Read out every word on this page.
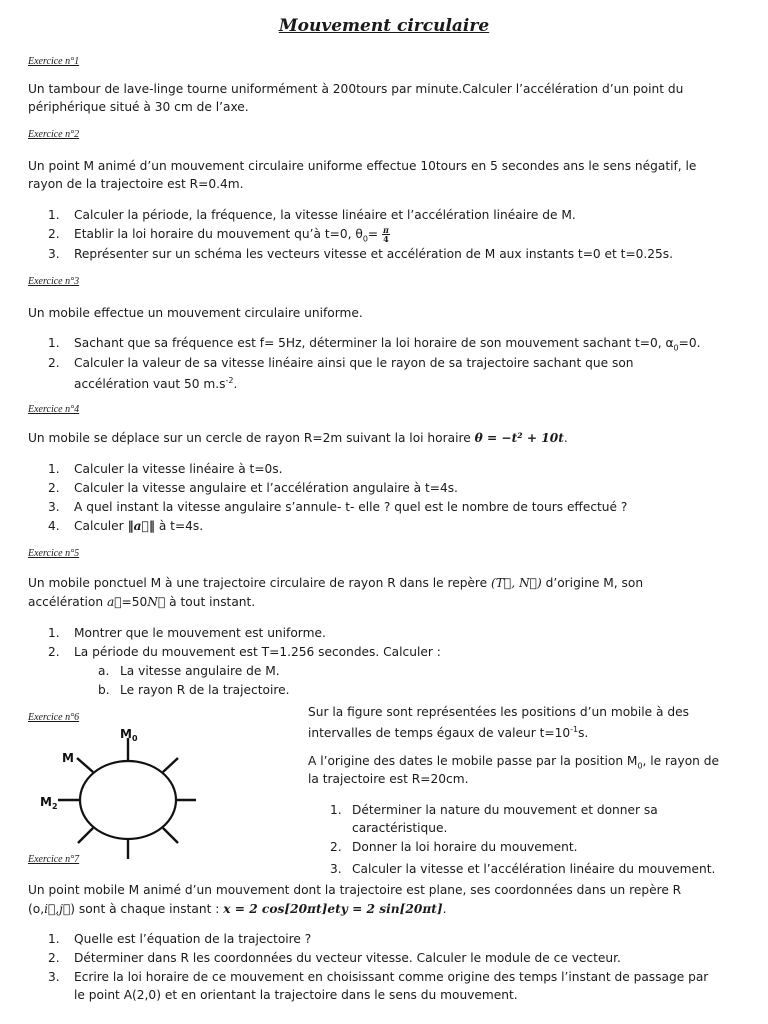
Mouvement circulaire
Exercice n°1
Un tambour de lave-linge tourne uniformément à 200tours par minute.Calculer l’accélération d’un point du
périphérique situé à 30 cm de l’axe.
Exercice n°2
Un point M animé d’un mouvement circulaire uniforme effectue 10tours en 5 secondes ans le sens négatif, le
rayon de la trajectoire est R=0.4m.
1. Calculer la période, la fréquence, la vitesse linéaire et l’accélération linéaire de M.
2. Etablir la loi horaire du mouvement qu’à t=0, $\theta_0= \frac{\pi}{4}$
3. Représenter sur un schéma les vecteurs vitesse et accélération de M aux instants t=0 et t=0.25s.
Exercice n°3
Un mobile effectue un mouvement circulaire uniforme.
1. Sachant que sa fréquence est f= 5Hz, déterminer la loi horaire de son mouvement sachant t=0, $\alpha_0=0$.
2. Calculer la valeur de sa vitesse linéaire ainsi que le rayon de sa trajectoire sachant que son
accélération vaut 50 $m.s^{-2}$.
Exercice n°4
Un mobile se déplace sur un cercle de rayon R=2m suivant la loi horaire θ = −t² + 10t.
1. Calculer la vitesse linéaire à t=0s.
2. Calculer la vitesse angulaire et l’accélération angulaire à t=4s.
3. A quel instant la vitesse angulaire s’annule- t- elle ? quel est le nombre de tours effectué ?
4. Calculer ‖a⃗‖ à t=4s.
Exercice n°5
Un mobile ponctuel M à une trajectoire circulaire de rayon R dans le repère (T⃗, N⃗) d’origine M, son
accélération a⃗=50N⃗ à tout instant.
1. Montrer que le mouvement est uniforme.
2. La période du mouvement est T=1.256 secondes. Calculer :
a. La vitesse angulaire de M.
b. Le rayon R de la trajectoire.
Exercice n°6
$M_0$
M
$M_2$
Sur la figure sont représentées les positions d’un mobile à des
intervalles de temps égaux de valeur $t=10^{-1}s$.
A l’origine des dates le mobile passe par la position $M_0$, le rayon de
la trajectoire est R=20cm.
1. Déterminer la nature du mouvement et donner sa
caractéristique.
2. Donner la loi horaire du mouvement.
3. Calculer la vitesse et l’accélération linéaire du mouvement.
Exercice n°7
Un point mobile M animé d’un mouvement dont la trajectoire est plane, ses coordonnées dans un repère R
(o,i⃗,j⃗) sont à chaque instant : x = 2 cos[20πt]ety = 2 sin[20πt].
1. Quelle est l’équation de la trajectoire ?
2. Déterminer dans R les coordonnées du vecteur vitesse. Calculer le module de ce vecteur.
3. Ecrire la loi horaire de ce mouvement en choisissant comme origine des temps l’instant de passage par
le point A(2,0) et en orientant la trajectoire dans le sens du mouvement.
